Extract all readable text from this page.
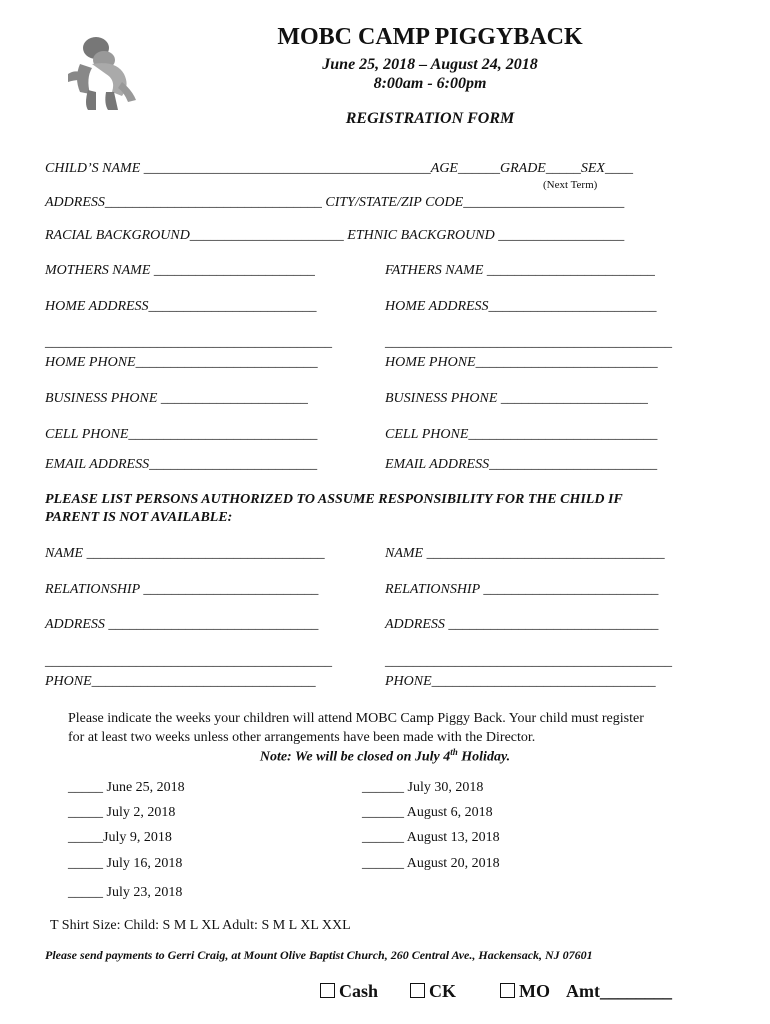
MOBC CAMP PIGGYBACK
June 25, 2018 – August 24, 2018
8:00am - 6:00pm
REGISTRATION FORM
CHILD’S NAME _________________________________________AGE______GRADE_____SEX____
(Next Term)
ADDRESS_______________________________ CITY/STATE/ZIP CODE_______________________
RACIAL BACKGROUND______________________ ETHNIC BACKGROUND __________________
MOTHERS NAME _______________________	FATHERS NAME ________________________
HOME ADDRESS________________________	HOME ADDRESS________________________
_________________________________________	_________________________________________
HOME PHONE__________________________	HOME PHONE__________________________
BUSINESS PHONE _____________________	BUSINESS PHONE _____________________
CELL PHONE___________________________	CELL PHONE___________________________
EMAIL ADDRESS________________________	EMAIL ADDRESS________________________
PLEASE LIST PERSONS AUTHORIZED TO ASSUME RESPONSIBILITY FOR THE CHILD IF
PARENT IS NOT AVAILABLE:
NAME __________________________________	NAME __________________________________
RELATIONSHIP _________________________	RELATIONSHIP _________________________
ADDRESS ______________________________	ADDRESS ______________________________
_________________________________________	_________________________________________
PHONE________________________________	PHONE________________________________
Please indicate the weeks your children will attend MOBC Camp Piggy Back. Your child must register
for at least two weeks unless other arrangements have been made with the Director.
Note: We will be closed on July 4th Holiday.
_____ June 25, 2018
_____ July 2, 2018
_____July 9, 2018
_____ July 16, 2018
_____ July 23, 2018
______ July 30, 2018
______ August 6, 2018
______ August 13, 2018
______ August 20, 2018
T Shirt Size: Child: S M L XL Adult: S M L XL XXL
Please send payments to Gerri Craig, at Mount Olive Baptist Church, 260 Central Ave., Hackensack, NJ 07601
Cash	CK	MO Amt________
